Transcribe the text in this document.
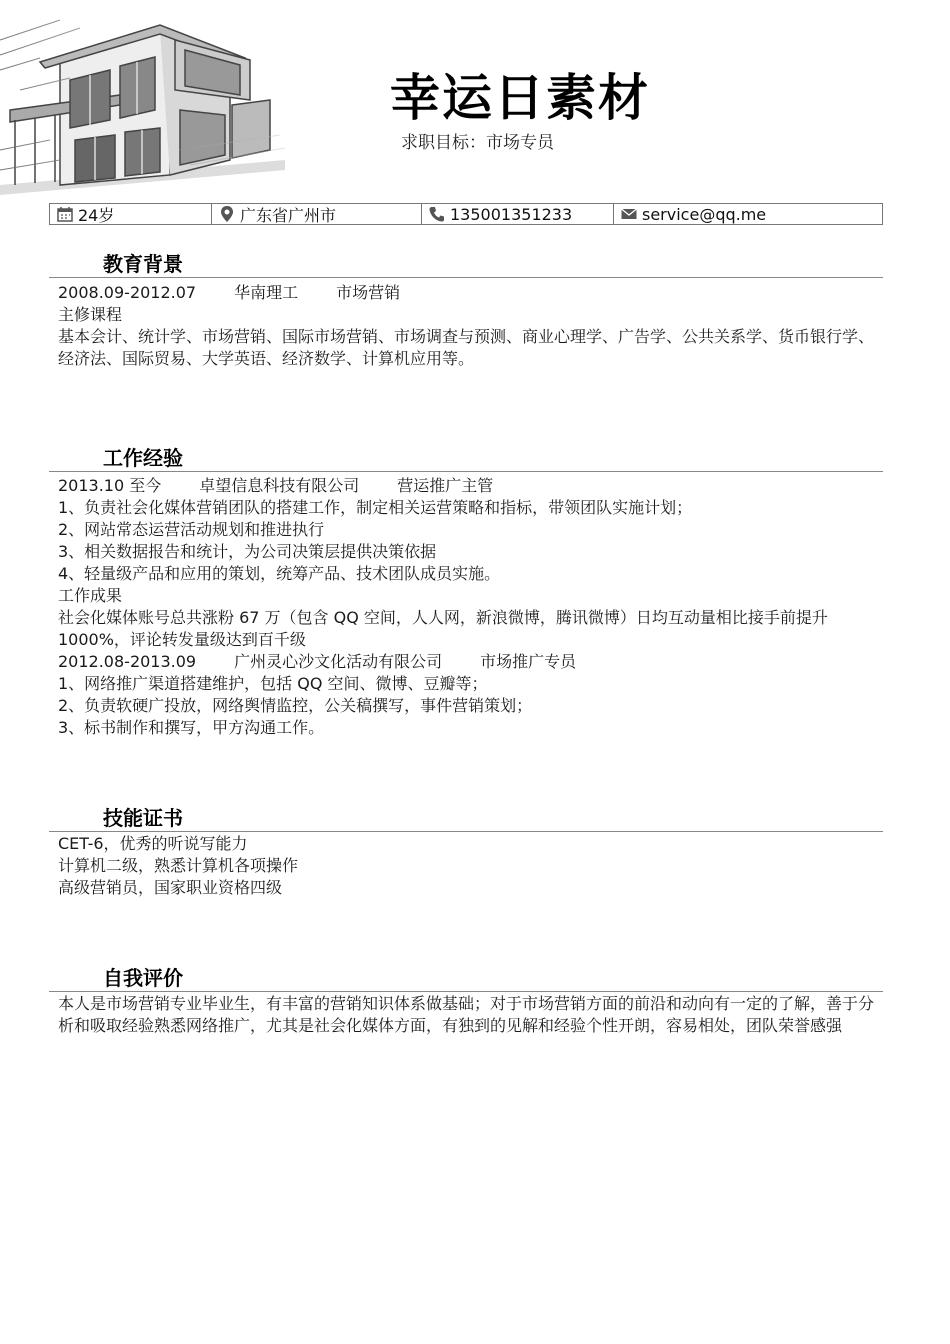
幸运日素材
求职目标：市场专员
24岁	广东省广州市	135001351233	service@qq.me
教育背景
2008.09-2012.07 华南理工 市场营销
主修课程
基本会计、统计学、市场营销、国际市场营销、市场调查与预测、商业心理学、广告学、公共关系学、货币银行学、经济法、国际贸易、大学英语、经济数学、计算机应用等。
工作经验
2013.10 至今 卓望信息科技有限公司 营运推广主管
1、负责社会化媒体营销团队的搭建工作，制定相关运营策略和指标，带领团队实施计划；
2、网站常态运营活动规划和推进执行
3、相关数据报告和统计，为公司决策层提供决策依据
4、轻量级产品和应用的策划，统筹产品、技术团队成员实施。
工作成果
社会化媒体账号总共涨粉 67 万（包含 QQ 空间，人人网，新浪微博，腾讯微博）日均互动量相比接手前提升 1000%，评论转发量级达到百千级
2012.08-2013.09 广州灵心沙文化活动有限公司 市场推广专员
1、网络推广渠道搭建维护，包括 QQ 空间、微博、豆瓣等；
2、负责软硬广投放，网络舆情监控，公关稿撰写，事件营销策划；
3、标书制作和撰写，甲方沟通工作。
技能证书
CET-6，优秀的听说写能力
计算机二级，熟悉计算机各项操作
高级营销员，国家职业资格四级
自我评价
本人是市场营销专业毕业生，有丰富的营销知识体系做基础；对于市场营销方面的前沿和动向有一定的了解，善于分析和吸取经验熟悉网络推广，尤其是社会化媒体方面，有独到的见解和经验个性开朗，容易相处，团队荣誉感强
